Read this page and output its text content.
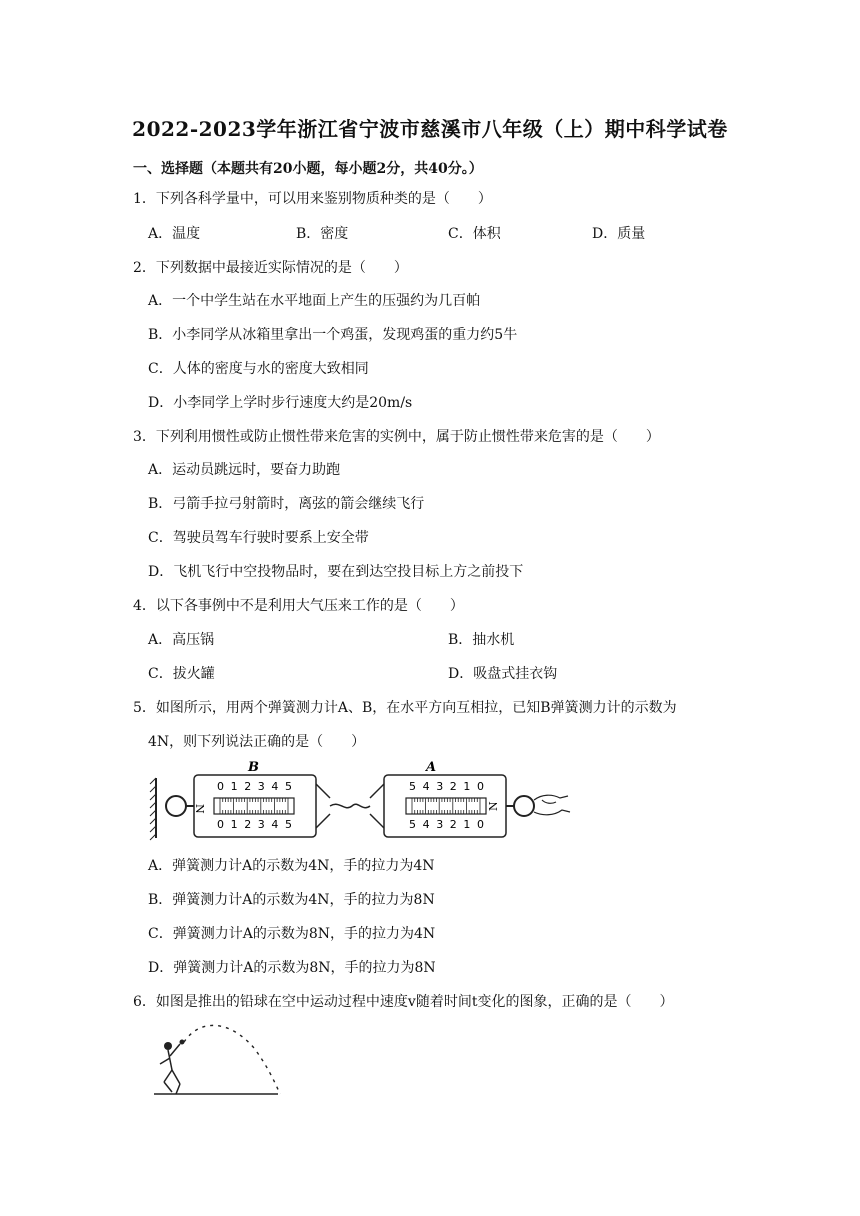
2022-2023学年浙江省宁波市慈溪市八年级（上）期中科学试卷
一、选择题（本题共有20小题，每小题2分，共40分。）
1．下列各科学量中，可以用来鉴别物质种类的是（　　）
A．温度	B．密度	C．体积	D．质量
2．下列数据中最接近实际情况的是（　　）
A．一个中学生站在水平地面上产生的压强约为几百帕
B．小李同学从冰箱里拿出一个鸡蛋，发现鸡蛋的重力约5牛
C．人体的密度与水的密度大致相同
D．小李同学上学时步行速度大约是20m/s
3．下列利用惯性或防止惯性带来危害的实例中，属于防止惯性带来危害的是（　　）
A．运动员跳远时，要奋力助跑
B．弓箭手拉弓射箭时，离弦的箭会继续飞行
C．驾驶员驾车行驶时要系上安全带
D．飞机飞行中空投物品时，要在到达空投目标上方之前投下
4．以下各事例中不是利用大气压来工作的是（　　）
A．高压锅	B．抽水机
C．拔火罐	D．吸盘式挂衣钩
5．如图所示，用两个弹簧测力计A、B，在水平方向互相拉，已知B弹簧测力计的示数为
4N，则下列说法正确的是（　　）
B
N
A
N
0
0
1
1
2
2
3
3
4
4
5
5
5
5
4
4
3
3
2
2
1
1
0
0
A．弹簧测力计A的示数为4N，手的拉力为4N
B．弹簧测力计A的示数为4N，手的拉力为8N
C．弹簧测力计A的示数为8N，手的拉力为4N
D．弹簧测力计A的示数为8N，手的拉力为8N
6．如图是推出的铅球在空中运动过程中速度v随着时间t变化的图象，正确的是（　　）
